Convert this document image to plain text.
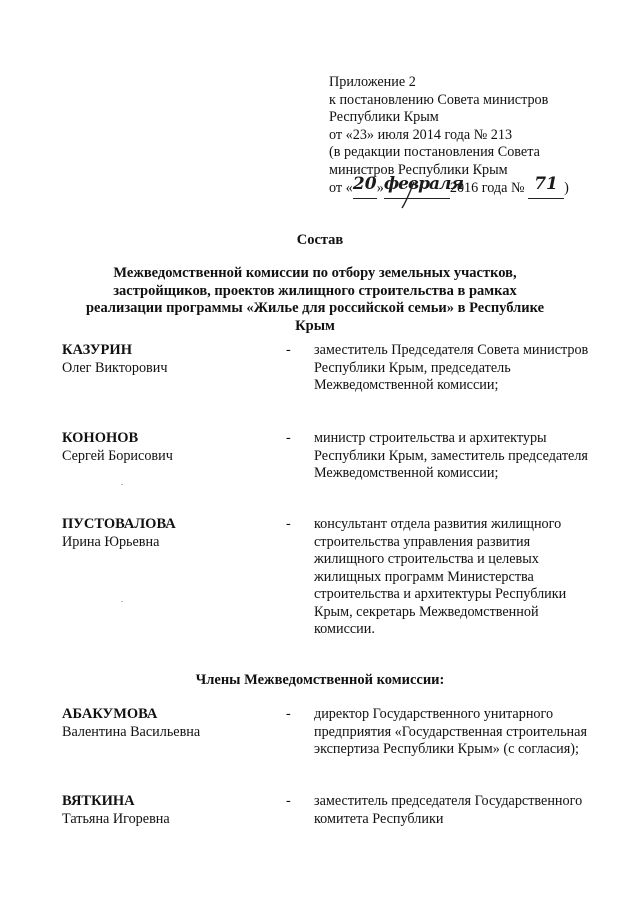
Приложение 2
к постановлению Совета министров
Республики Крым
от «23» июля 2014 года № 213
(в редакции постановления Совета
министров Республики Крым
от «20»февраля2016 года № 71 )
Состав
Межведомственной комиссии по отбору земельных участков, застройщиков, проектов жилищного строительства в рамках реализации программы «Жилье для российской семьи» в Республике Крым
КАЗУРИН
Олег Викторович
- заместитель Председателя Совета министров Республики Крым, председатель Межведомственной комиссии;
КОНОНОВ
Сергей Борисович
- министр строительства и архитектуры Республики Крым, заместитель председателя Межведомственной комиссии;
ПУСТОВАЛОВА
Ирина Юрьевна
- консультант отдела развития жилищного строительства управления развития жилищного строительства и целевых жилищных программ Министерства строительства и архитектуры Республики Крым, секретарь Межведомственной комиссии.
Члены Межведомственной комиссии:
АБАКУМОВА
Валентина Васильевна
- директор Государственного унитарного предприятия «Государственная строительная экспертиза Республики Крым» (с согласия);
ВЯТКИНА
Татьяна Игоревна
- заместитель председателя Государственного комитета Республики
